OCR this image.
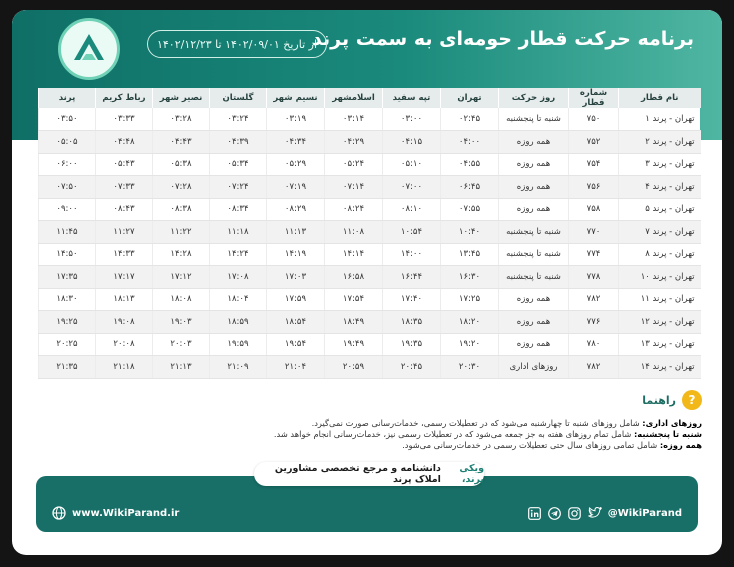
برنامه حرکت قطار حومه‌ای به سمت پرند
از تاریخ ۱۴۰۲/۰۹/۰۱ تا ۱۴۰۲/۱۲/۲۳
نام قطار	شماره قطار	روز حرکت	تهران	تپه سفید	اسلامشهر	نسیم شهر	گلستان	نصیر شهر	رباط کریم	پرند
تهران - پرند ۱	۷۵۰	شنبه تا پنجشنبه	۰۲:۴۵	۰۳:۰۰	۰۳:۱۴	۰۳:۱۹	۰۳:۲۴	۰۳:۲۸	۰۳:۳۳	۰۳:۵۰
تهران - پرند ۲	۷۵۲	همه روزه	۰۴:۰۰	۰۴:۱۵	۰۴:۲۹	۰۴:۳۴	۰۴:۳۹	۰۴:۴۳	۰۴:۴۸	۰۵:۰۵
تهران - پرند ۳	۷۵۴	همه روزه	۰۴:۵۵	۰۵:۱۰	۰۵:۲۴	۰۵:۲۹	۰۵:۳۴	۰۵:۳۸	۰۵:۴۳	۰۶:۰۰
تهران - پرند ۴	۷۵۶	همه روزه	۰۶:۴۵	۰۷:۰۰	۰۷:۱۴	۰۷:۱۹	۰۷:۲۴	۰۷:۲۸	۰۷:۳۳	۰۷:۵۰
تهران - پرند ۵	۷۵۸	همه روزه	۰۷:۵۵	۰۸:۱۰	۰۸:۲۴	۰۸:۲۹	۰۸:۳۴	۰۸:۳۸	۰۸:۴۳	۰۹:۰۰
تهران - پرند ۷	۷۷۰	شنبه تا پنجشنبه	۱۰:۴۰	۱۰:۵۴	۱۱:۰۸	۱۱:۱۳	۱۱:۱۸	۱۱:۲۲	۱۱:۲۷	۱۱:۴۵
تهران - پرند ۸	۷۷۴	شنبه تا پنجشنبه	۱۳:۴۵	۱۴:۰۰	۱۴:۱۴	۱۴:۱۹	۱۴:۲۴	۱۴:۲۸	۱۴:۳۳	۱۴:۵۰
تهران - پرند ۱۰	۷۷۸	شنبه تا پنجشنبه	۱۶:۳۰	۱۶:۴۴	۱۶:۵۸	۱۷:۰۳	۱۷:۰۸	۱۷:۱۲	۱۷:۱۷	۱۷:۳۵
تهران - پرند ۱۱	۷۸۲	همه روزه	۱۷:۲۵	۱۷:۴۰	۱۷:۵۴	۱۷:۵۹	۱۸:۰۴	۱۸:۰۸	۱۸:۱۳	۱۸:۳۰
تهران - پرند ۱۲	۷۷۶	همه روزه	۱۸:۲۰	۱۸:۳۵	۱۸:۴۹	۱۸:۵۴	۱۸:۵۹	۱۹:۰۳	۱۹:۰۸	۱۹:۲۵
تهران - پرند ۱۳	۷۸۰	همه روزه	۱۹:۲۰	۱۹:۳۵	۱۹:۴۹	۱۹:۵۴	۱۹:۵۹	۲۰:۰۳	۲۰:۰۸	۲۰:۲۵
تهران - پرند ۱۴	۷۸۲	روزهای اداری	۲۰:۳۰	۲۰:۴۵	۲۰:۵۹	۲۱:۰۴	۲۱:۰۹	۲۱:۱۳	۲۱:۱۸	۲۱:۳۵
?
راهنما
روزهای اداری: شامل روزهای شنبه تا چهارشنبه می‌شود که در تعطیلات رسمی، خدمات‌رسانی صورت نمی‌گیرد.
شنبه تا پنجشنبه: شامل تمام روزهای هفته به جز جمعه می‌شود که در تعطیلات رسمی نیز، خدمات‌رسانی انجام خواهد شد.
همه روزه: شامل تمامی روزهای سال حتی تعطیلات رسمی در خدمات‌رسانی می‌شود.
ویکی پرند،
دانشنامه و مرجع تخصصی مشاورین املاک پرند
www.WikiParand.ir	@WikiParand
